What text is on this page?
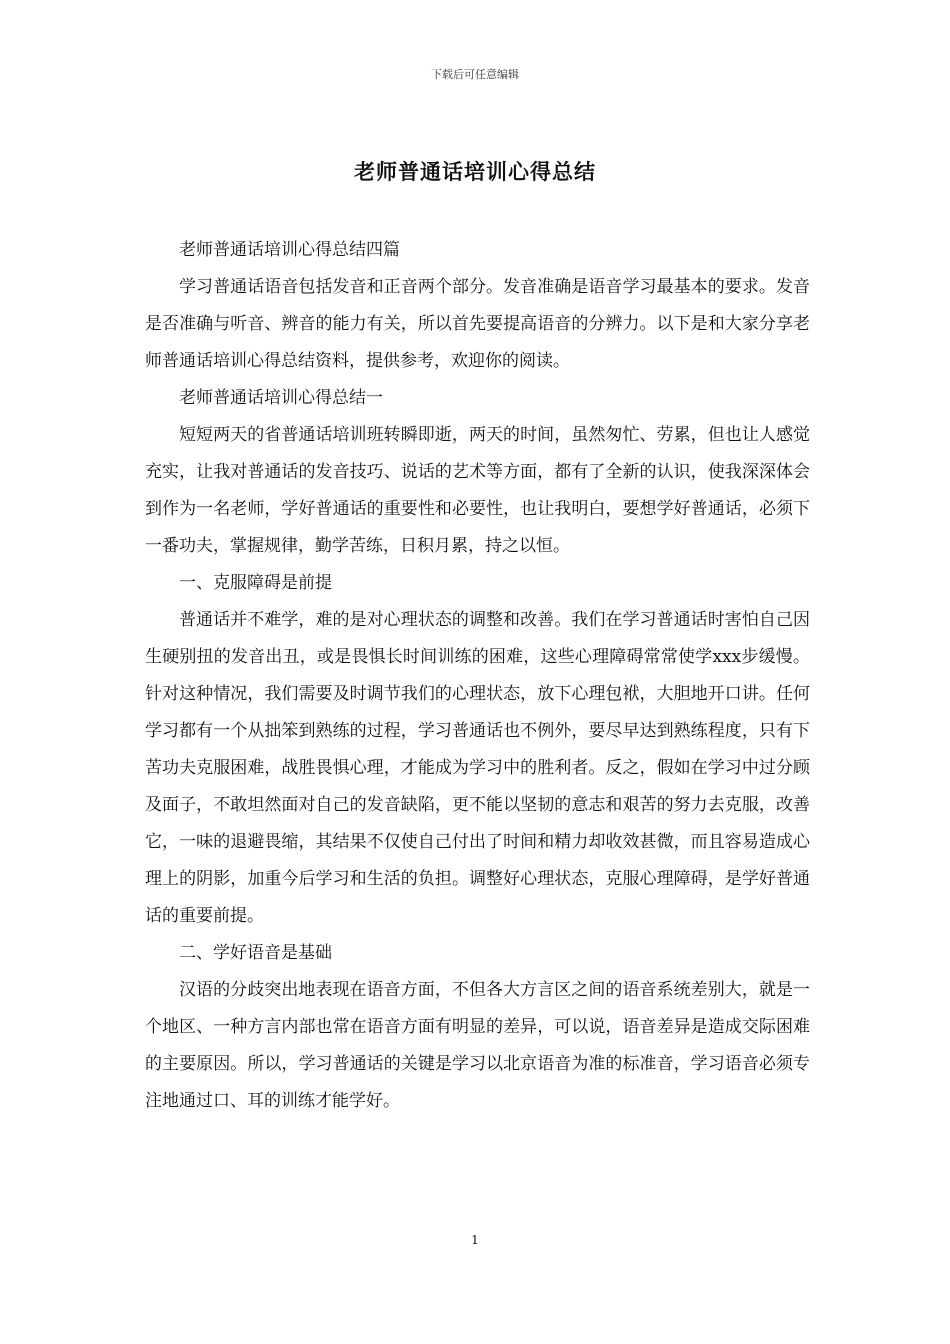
下载后可任意编辑
老师普通话培训心得总结

老师普通话培训心得总结四篇

学习普通话语音包括发音和正音两个部分。发音准确是语音学习最基本的要求。发音是否准确与听音、辨音的能力有关，所以首先要提高语音的分辨力。以下是和大家分享老师普通话培训心得总结资料，提供参考，欢迎你的阅读。

老师普通话培训心得总结一

短短两天的省普通话培训班转瞬即逝，两天的时间，虽然匆忙、劳累，但也让人感觉充实，让我对普通话的发音技巧、说话的艺术等方面，都有了全新的认识，使我深深体会到作为一名老师，学好普通话的重要性和必要性，也让我明白，要想学好普通话，必须下一番功夫，掌握规律，勤学苦练，日积月累，持之以恒。

一、克服障碍是前提

普通话并不难学，难的是对心理状态的调整和改善。我们在学习普通话时害怕自己因生硬别扭的发音出丑，或是畏惧长时间训练的困难，这些心理障碍常常使学xxx步缓慢。针对这种情况，我们需要及时调节我们的心理状态，放下心理包袱，大胆地开口讲。任何学习都有一个从拙笨到熟练的过程，学习普通话也不例外，要尽早达到熟练程度，只有下苦功夫克服困难，战胜畏惧心理，才能成为学习中的胜利者。反之，假如在学习中过分顾及面子，不敢坦然面对自己的发音缺陷，更不能以坚韧的意志和艰苦的努力去克服，改善它，一味的退避畏缩，其结果不仅使自己付出了时间和精力却收效甚微，而且容易造成心理上的阴影，加重今后学习和生活的负担。调整好心理状态，克服心理障碍，是学好普通话的重要前提。

二、学好语音是基础

汉语的分歧突出地表现在语音方面，不但各大方言区之间的语音系统差别大，就是一个地区、一种方言内部也常在语音方面有明显的差异，可以说，语音差异是造成交际困难的主要原因。所以，学习普通话的关键是学习以北京语音为准的标准音，学习语音必须专注地通过口、耳的训练才能学好。

1
